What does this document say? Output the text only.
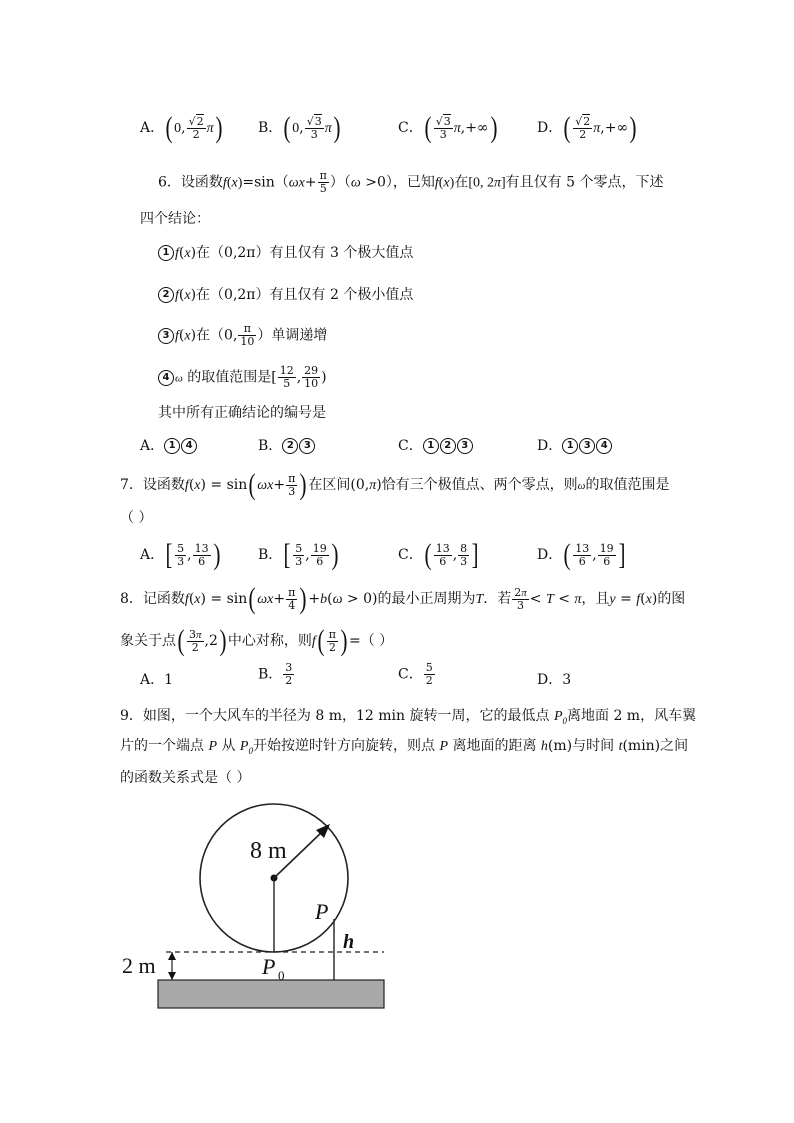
A．( 0, $\frac{√2}{2} \pi$)	B．( 0, $\frac{√3}{3} \pi$)	C．( $\frac{√3}{3} \pi,+\infty$)	D．( $\frac{√2}{2} \pi,+\infty$)
6．设函数$f(x)=\sin(\omega x+ \frac{\pi}{5} )(\omega >0)$，已知f(x)在[0, 2π]有且仅有 5 个零点，下述
四个结论：
1 f(x)在（0,2π）有且仅有 3 个极大值点
2 f(x)在（0,2π）有且仅有 2 个极小值点
3 f(x)在（0, $\frac{\pi}{10}$ ）单调递增
4 ω 的取值范围是[ $\frac{12}{5}$ , $\frac{29}{10}$ )
其中所有正确结论的编号是
A． 1 4	B． 2 3	C． 1 2 3	D． 1 3 4
7．设函数f(x) = sin( $\omega x+ \frac{\pi}{3}$ ) 在区间(0,π)恰有三个极值点、两个零点，则ω的取值范围是
（ ）
A．[ $\frac{5}{3}$ , $\frac{13}{6}$ )	B．[ $\frac{5}{3}$ , $\frac{19}{6}$ )	C．( $\frac{13}{6}$ , $\frac{8}{3}$ ]	D．( $\frac{13}{6}$ , $\frac{19}{6}$ ]
8．记函数f(x) = sin( $\omega x+ \frac{\pi}{4}$ ) +b(ω > 0)的最小正周期为T．若 $\frac{2\pi}{3} < T < \pi$，且y = f(x)的图
象关于点( $\frac{3\pi}{2} ,2$) 中心对称，则$f( \frac{\pi}{2}$ ) =（ ）
A．1	B． $\frac{3}{2}$	C． $\frac{5}{2}$	D．3
9．如图，一个大风车的半径为 8 m，12 min 旋转一周，它的最低点 $P_0$离地面 2 m，风车翼
片的一个端点 P 从 $P_0$开始按逆时针方向旋转，则点 P 离地面的距离 h(m)与时间 t(min)之间
的函数关系式是（ ）
8 m
2 m
P
h
P 0
